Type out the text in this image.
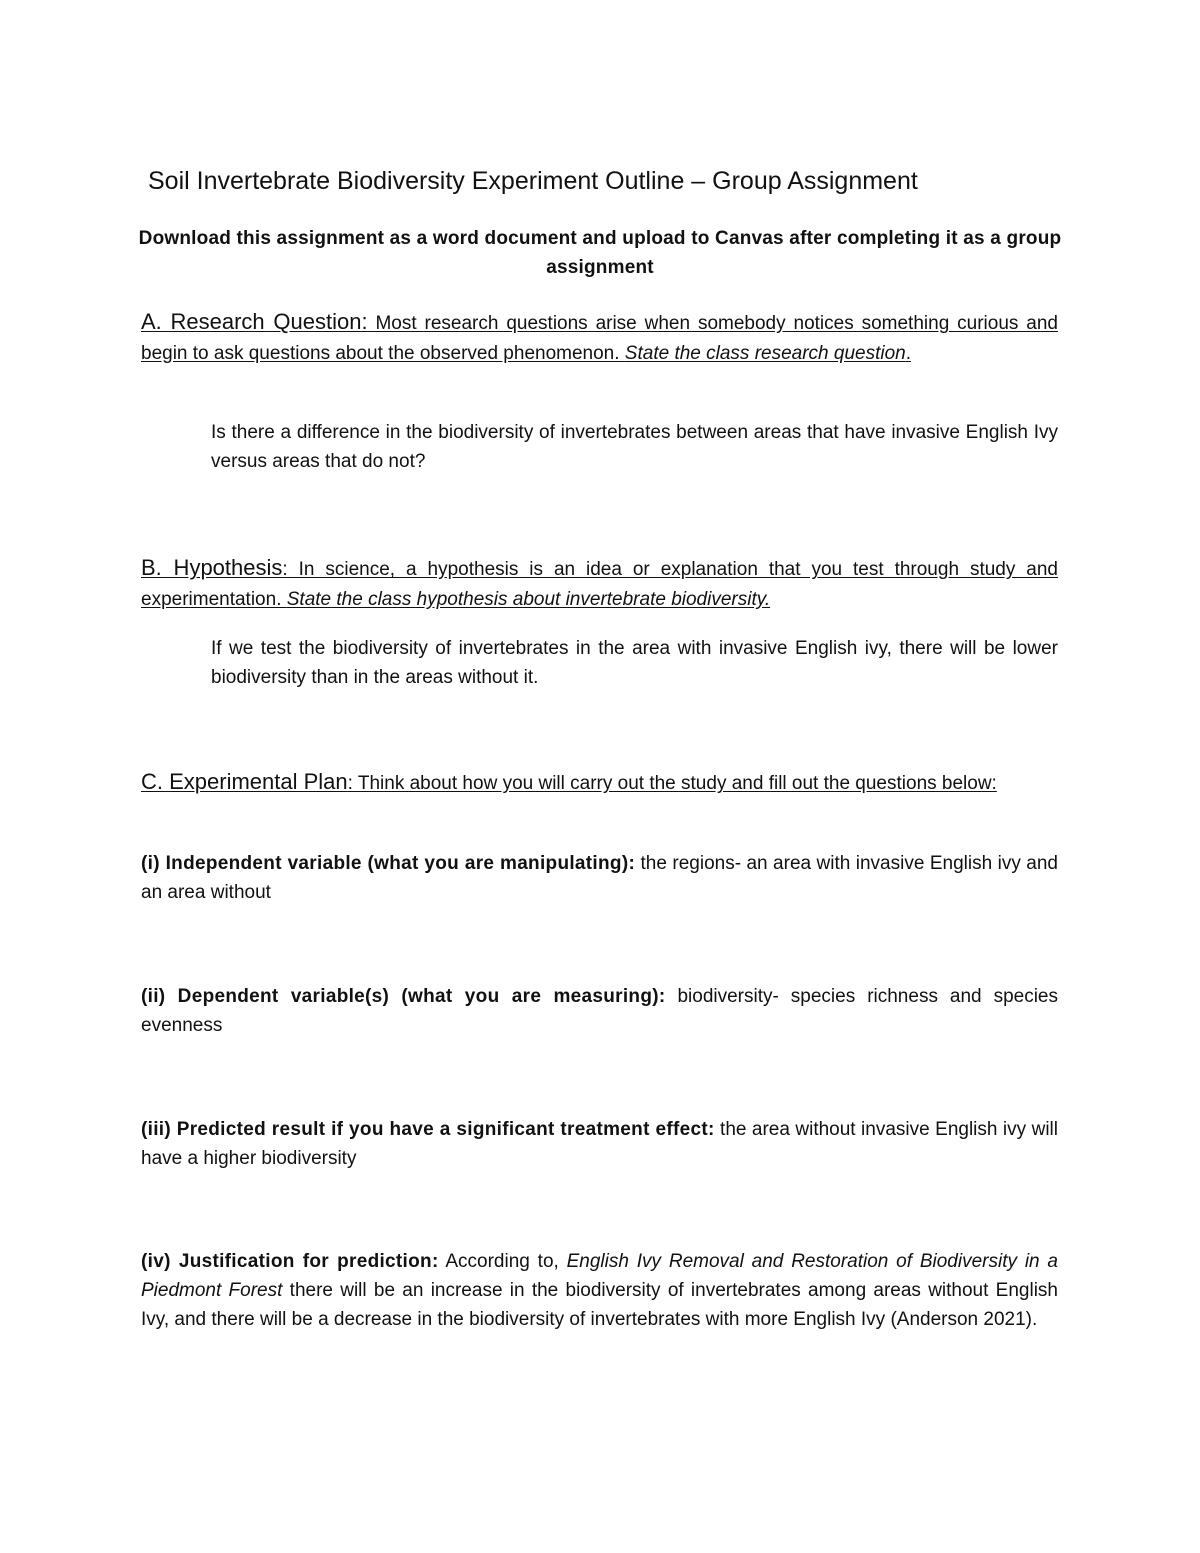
Soil Invertebrate Biodiversity Experiment Outline – Group Assignment
Download this assignment as a word document and upload to Canvas after completing it as a group assignment
A. Research Question: Most research questions arise when somebody notices something curious and begin to ask questions about the observed phenomenon. State the class research question.
Is there a difference in the biodiversity of invertebrates between areas that have invasive English Ivy versus areas that do not?
B. Hypothesis: In science, a hypothesis is an idea or explanation that you test through study and experimentation. State the class hypothesis about invertebrate biodiversity.
If we test the biodiversity of invertebrates in the area with invasive English ivy, there will be lower biodiversity than in the areas without it.
C. Experimental Plan: Think about how you will carry out the study and fill out the questions below:
(i) Independent variable (what you are manipulating): the regions- an area with invasive English ivy and an area without
(ii) Dependent variable(s) (what you are measuring): biodiversity- species richness and species evenness
(iii) Predicted result if you have a significant treatment effect: the area without invasive English ivy will have a higher biodiversity
(iv) Justification for prediction: According to, English Ivy Removal and Restoration of Biodiversity in a Piedmont Forest there will be an increase in the biodiversity of invertebrates among areas without English Ivy, and there will be a decrease in the biodiversity of invertebrates with more English Ivy (Anderson 2021).
